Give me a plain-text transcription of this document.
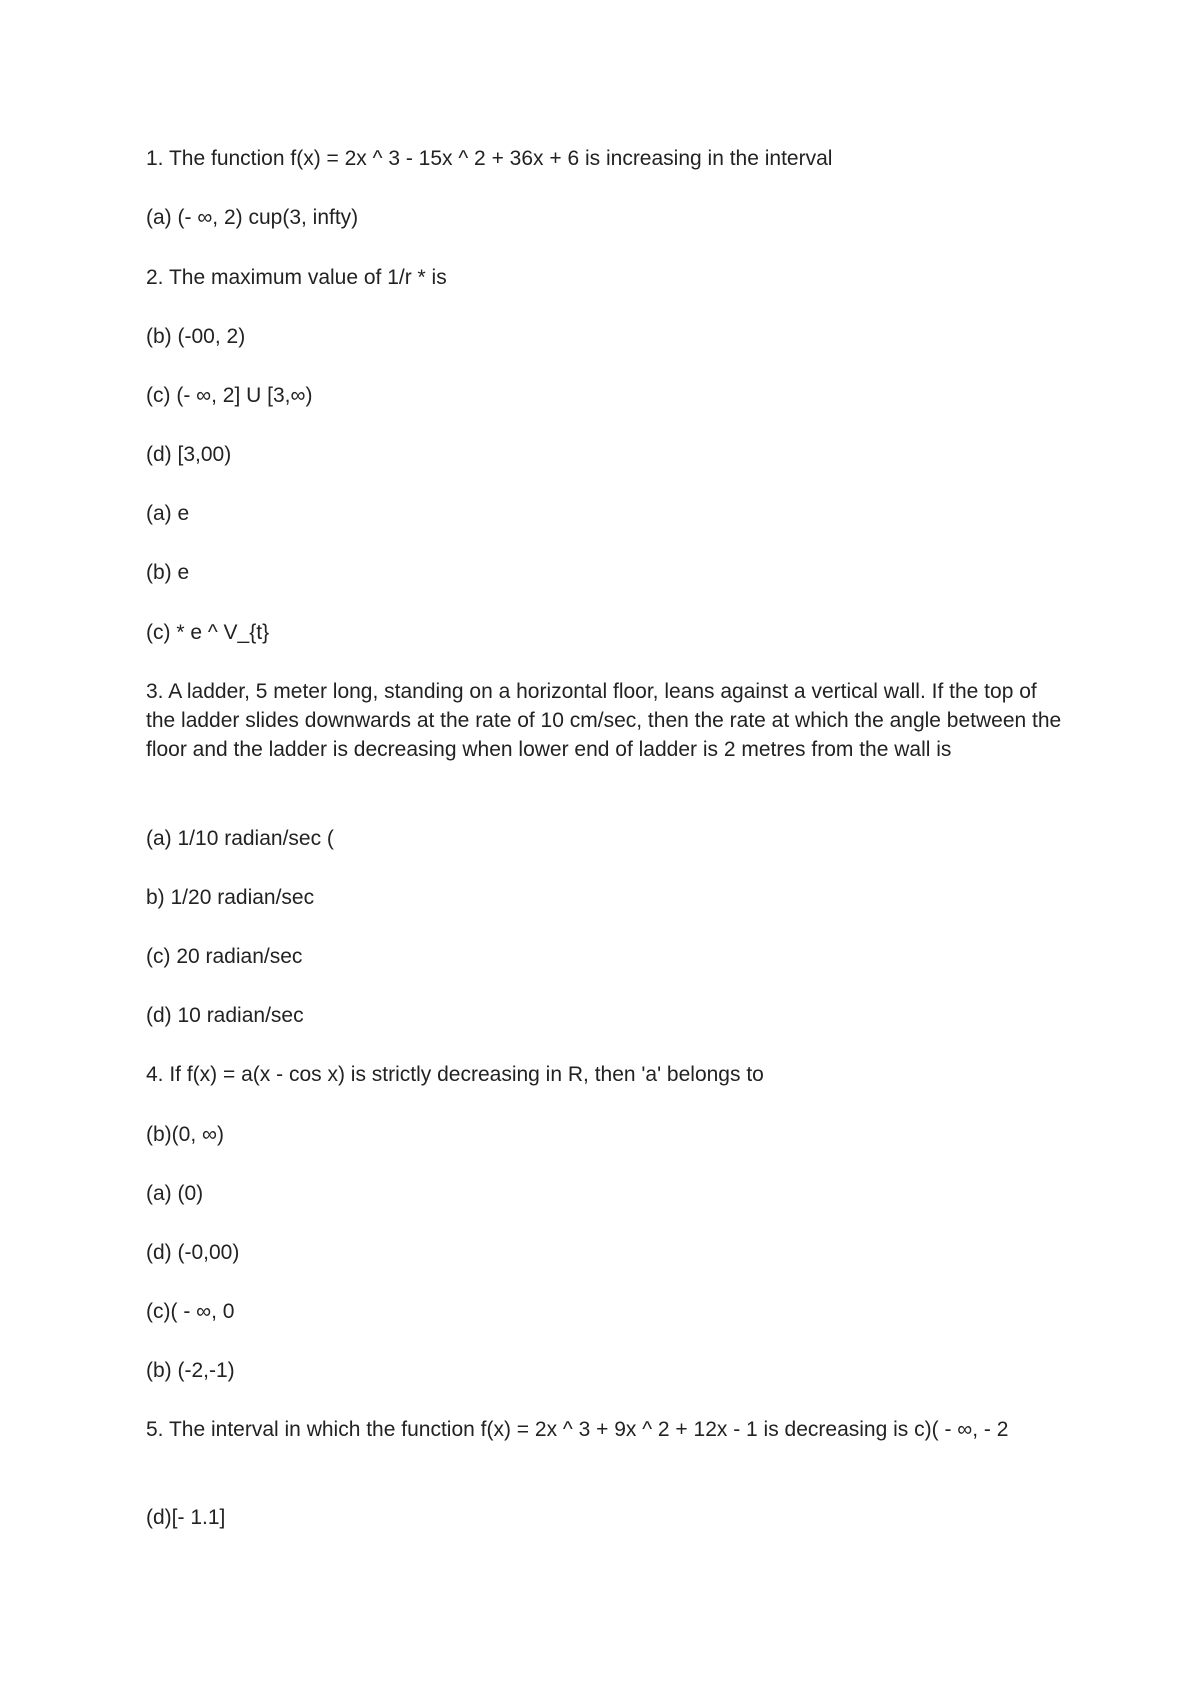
1. The function f(x) = 2x ^ 3 - 15x ^ 2 + 36x + 6 is increasing in the interval
(a) (- ∞, 2) cup(3, infty)
2. The maximum value of 1/r * is
(b) (-00, 2)
(c) (- ∞, 2] U [3,∞)
(d) [3,00)
(a) e
(b) e
(c) * e ^ V_{t}
3. A ladder, 5 meter long, standing on a horizontal floor, leans against a vertical wall. If the top of the ladder slides downwards at the rate of 10 cm/sec, then the rate at which the angle between the floor and the ladder is decreasing when lower end of ladder is 2 metres from the wall is
(a) 1/10 radian/sec (
b) 1/20 radian/sec
(c) 20 radian/sec
(d) 10 radian/sec
4. If f(x) = a(x - cos x) is strictly decreasing in R, then 'a' belongs to
(b)(0, ∞)
(a) (0)
(d) (-0,00)
(c)( - ∞, 0
(b) (-2,-1)
5. The interval in which the function f(x) = 2x ^ 3 + 9x ^ 2 + 12x - 1 is decreasing is c)( - ∞, - 2
(d)[- 1.1]
